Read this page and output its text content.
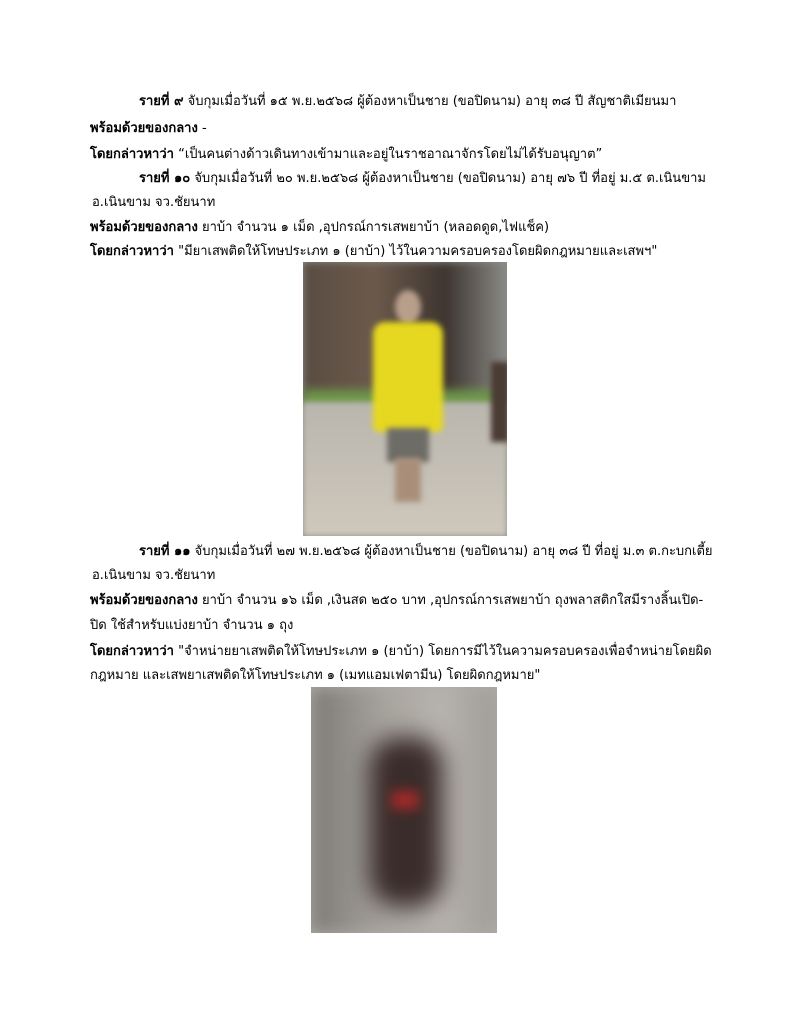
รายที่ ๙ จับกุมเมื่อวันที่ ๑๕ พ.ย.๒๕๖๘ ผู้ต้องหาเป็นชาย (ขอปิดนาม) อายุ ๓๘ ปี สัญชาติเมียนมา
พร้อมด้วยของกลาง -
โดยกล่าวหาว่า “เป็นคนต่างด้าวเดินทางเข้ามาและอยู่ในราชอาณาจักรโดยไม่ได้รับอนุญาต”
รายที่ ๑๐ จับกุมเมื่อวันที่ ๒๐ พ.ย.๒๕๖๘ ผู้ต้องหาเป็นชาย (ขอปิดนาม) อายุ ๗๖ ปี ที่อยู่ ม.๕ ต.เนินขาม
อ.เนินขาม จว.ชัยนาท
พร้อมด้วยของกลาง ยาบ้า จำนวน ๑ เม็ด ,อุปกรณ์การเสพยาบ้า (หลอดดูด,ไฟแช็ค)
โดยกล่าวหาว่า "มียาเสพติดให้โทษประเภท ๑ (ยาบ้า) ไว้ในความครอบครองโดยผิดกฎหมายและเสพฯ"
รายที่ ๑๑ จับกุมเมื่อวันที่ ๒๗ พ.ย.๒๕๖๘ ผู้ต้องหาเป็นชาย (ขอปิดนาม) อายุ ๓๘ ปี ที่อยู่ ม.๓ ต.กะบกเตี้ย
อ.เนินขาม จว.ชัยนาท
พร้อมด้วยของกลาง ยาบ้า จำนวน ๑๖ เม็ด ,เงินสด ๒๕๐ บาท ,อุปกรณ์การเสพยาบ้า ถุงพลาสติกใสมีรางลิ้นเปิด-
ปิด ใช้สำหรับแบ่งยาบ้า จำนวน ๑ ถุง
โดยกล่าวหาว่า "จำหน่ายยาเสพติดให้โทษประเภท ๑ (ยาบ้า) โดยการมีไว้ในความครอบครองเพื่อจำหน่ายโดยผิด
กฎหมาย และเสพยาเสพติดให้โทษประเภท ๑ (เมทแอมเฟตามีน) โดยผิดกฎหมาย"
